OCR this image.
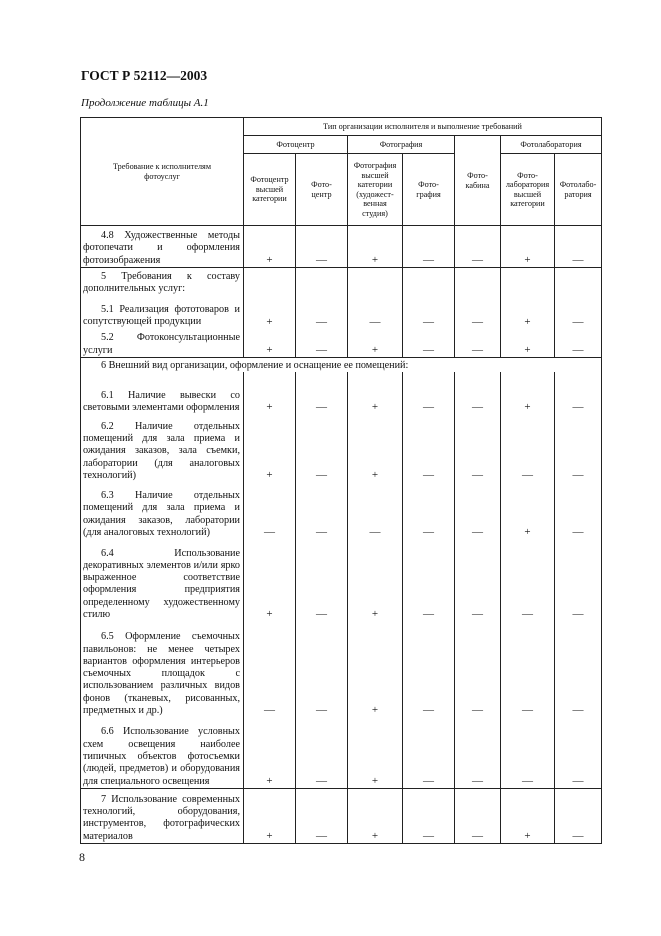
ГОСТ Р 52112—2003
Продолжение таблицы А.1
Требование к исполнителям фотоуслуг	Тип организации исполнителя и выполнение требований						
	Фотоцентр		Фотография		Фото-кабина	Фотолаборатория	
	Фотоцентр высшей категории	Фото-центр	Фотография высшей категории (художест-венная студия)	Фото-графия		Фото-лаборатория высшей категории	Фотолабо-ратория
4.8 Художественные методы фотопечати и оформления фотоизображения	+	—	+	—	—	+	—
5 Требования к составу дополнительных услуг:							
5.1 Реализация фототоваров и сопутствующей продукции	+	—	—	—	—	+	—
5.2 Фотоконсультационные услуги	+	—	+	—	—	+	—
6 Внешний вид организации, оформление и оснащение ее помещений:							
6.1 Наличие вывески со световыми элементами оформления	+	—	+	—	—	+	—
6.2 Наличие отдельных помещений для зала приема и ожидания заказов, зала съемки, лаборатории (для аналоговых технологий)	+	—	+	—	—	—	—
6.3 Наличие отдельных помещений для зала приема и ожидания заказов, лаборатории (для аналоговых технологий)	—	—	—	—	—	+	—
6.4 Использование декоративных элементов и/или ярко выраженное соответствие оформления предприятия определенному художественному стилю	+	—	+	—	—	—	—
6.5 Оформление съемочных павильонов: не менее четырех вариантов оформления интерьеров съемочных площадок с использованием различных видов фонов (тканевых, рисованных, предметных и др.)	—	—	+	—	—	—	—
6.6 Использование условных схем освещения наиболее типичных объектов фотосъемки (людей, предметов) и оборудования для специального освещения	+	—	+	—	—	—	—
7 Использование современных технологий, оборудования, инструментов, фотографических материалов	+	—	+	—	—	+	—
8
